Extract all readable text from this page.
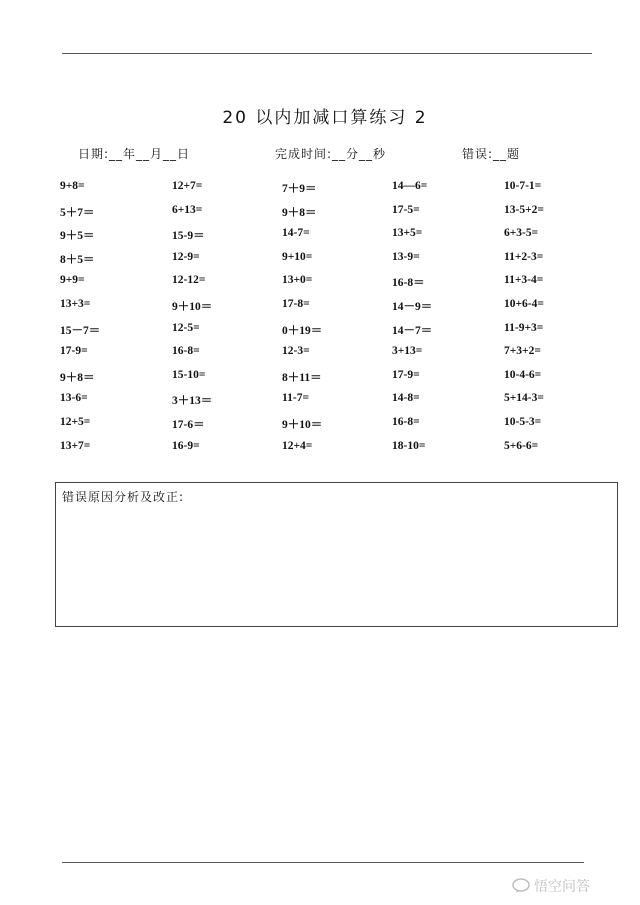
20 以内加减口算练习 2
日期:__年__月__日	完成时间:__分__秒	错误:__题
9+8=	12+7=	7＋9＝	14—6=	10-7-1=
5＋7＝	6+13=	9＋8＝	17-5=	13-5+2=
9＋5＝	15-9＝	14-7=	13+5=	6+3-5=
8＋5＝	12-9=	9+10=	13-9=	11+2-3=
9+9=	12-12=	13+0=	16-8＝	11+3-4=
13+3=	9＋10＝	17-8=	14－9＝	10+6-4=
15－7＝	12-5=	0＋19＝	14－7＝	11-9+3=
17-9=	16-8=	12-3=	3+13=	7+3+2=
9＋8＝	15-10=	8＋11＝	17-9=	10-4-6=
13-6=	3＋13＝	11-7=	14-8=	5+14-3=
12+5=	17-6＝	9＋10＝	16-8=	10-5-3=
13+7=	16-9=	12+4=	18-10=	5+6-6=
错误原因分析及改正:
悟空问答
